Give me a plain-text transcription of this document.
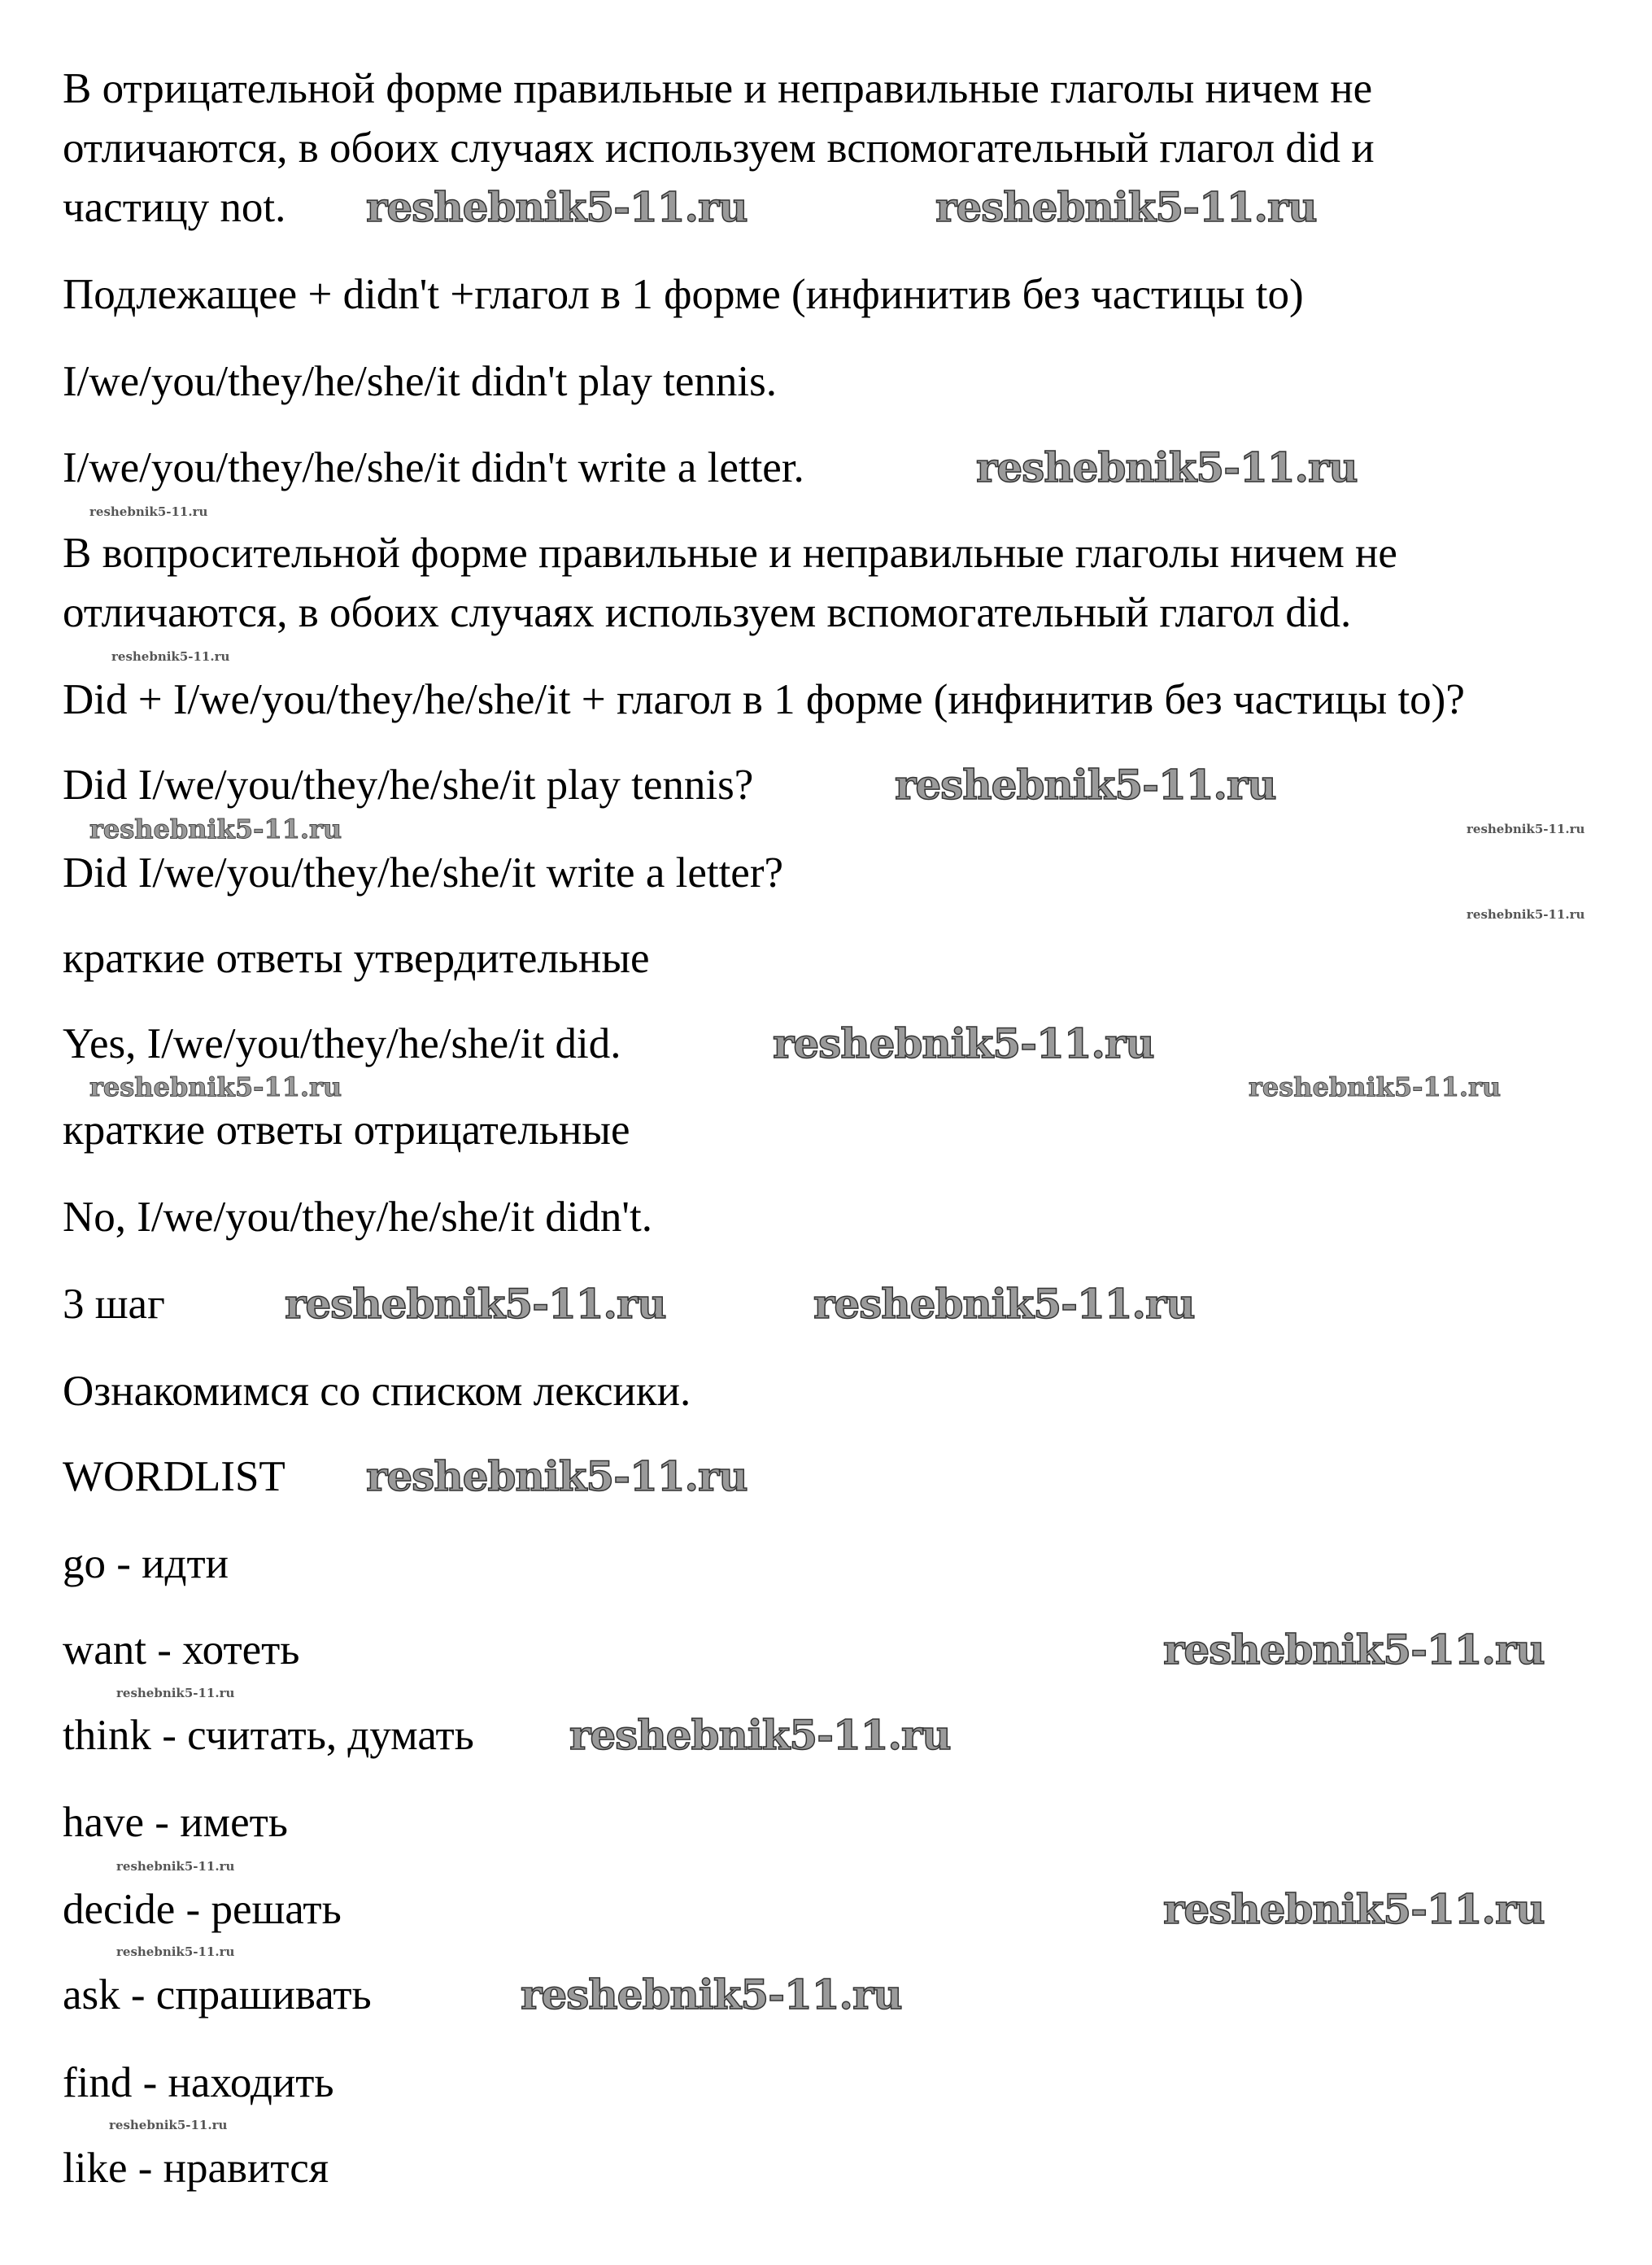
В отрицательной форме правильные и неправильные глаголы ничем не
отличаются, в обоих случаях используем вспомогательный глагол did и
частицу not.
Подлежащее + didn't +глагол в 1 форме (инфинитив без частицы to)
I/we/you/they/he/she/it didn't play tennis.
I/we/you/they/he/she/it didn't write a letter.
В вопросительной форме правильные и неправильные глаголы ничем не
отличаются, в обоих случаях используем вспомогательный глагол did.
Did + I/we/you/they/he/she/it + глагол в 1 форме (инфинитив без частицы to)?
Did I/we/you/they/he/she/it play tennis?
Did I/we/you/they/he/she/it write a letter?
краткие ответы утвердительные
Yes, I/we/you/they/he/she/it did.
краткие ответы отрицательные
No, I/we/you/they/he/she/it didn't.
3 шаг
Ознакомимся со списком лексики.
WORDLIST
go - идти
want - хотеть
think - считать, думать
have - иметь
decide - решать
ask - спрашивать
find - находить
like - нравится
reshebnik5-11.ru	reshebnik5-11.ru
reshebnik5-11.ru
reshebnik5-11.ru
reshebnik5-11.ru
reshebnik5-11.ru	reshebnik5-11.ru
reshebnik5-11.ru
reshebnik5-11.ru
reshebnik5-11.ru
reshebnik5-11.ru
reshebnik5-11.ru
reshebnik5-11.ru
reshebnik5-11.ru	reshebnik5-11.ru
reshebnik5-11.ru
reshebnik5-11.ru
reshebnik5-11.ru
reshebnik5-11.ru
reshebnik5-11.ru
reshebnik5-11.ru
reshebnik5-11.ru
reshebnik5-11.ru
